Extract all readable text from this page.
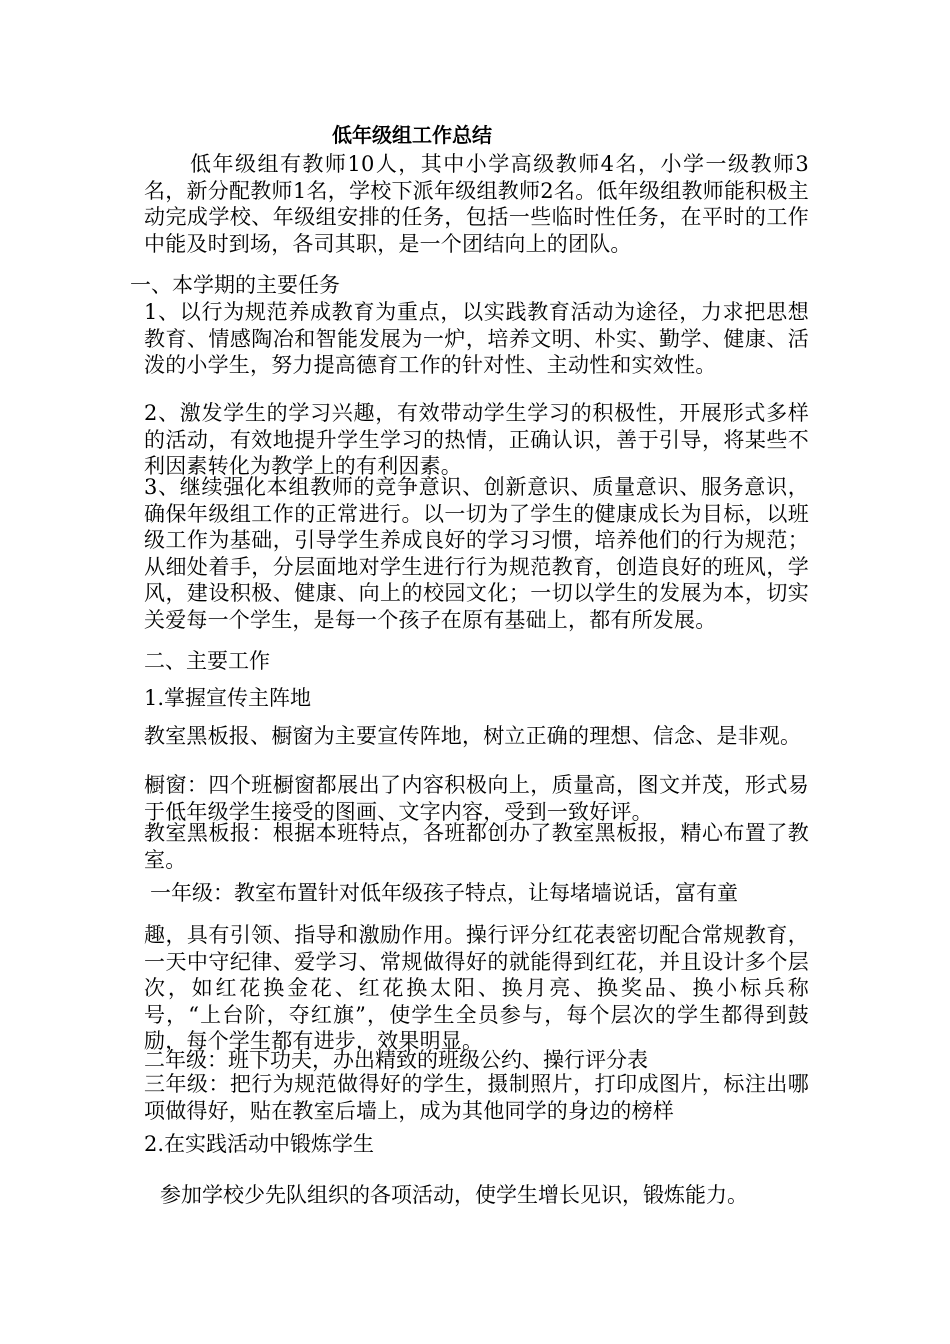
低年级组工作总结
低年级组有教师10人，其中小学高级教师4名，小学一级教师3名，新分配教师1名，学校下派年级组教师2名。低年级组教师能积极主动完成学校、年级组安排的任务，包括一些临时性任务，在平时的工作中能及时到场，各司其职，是一个团结向上的团队。
一、本学期的主要任务
1、以行为规范养成教育为重点，以实践教育活动为途径，力求把思想教育、情感陶冶和智能发展为一炉，培养文明、朴实、勤学、健康、活泼的小学生，努力提高德育工作的针对性、主动性和实效性。
2、激发学生的学习兴趣，有效带动学生学习的积极性，开展形式多样的活动，有效地提升学生学习的热情，正确认识，善于引导，将某些不利因素转化为教学上的有利因素。
3、继续强化本组教师的竞争意识、创新意识、质量意识、服务意识，确保年级组工作的正常进行。以一切为了学生的健康成长为目标，以班级工作为基础，引导学生养成良好的学习习惯，培养他们的行为规范；从细处着手，分层面地对学生进行行为规范教育，创造良好的班风，学风，建设积极、健康、向上的校园文化；一切以学生的发展为本，切实关爱每一个学生，是每一个孩子在原有基础上，都有所发展。
二、主要工作
1.掌握宣传主阵地
教室黑板报、橱窗为主要宣传阵地，树立正确的理想、信念、是非观。
橱窗：四个班橱窗都展出了内容积极向上，质量高，图文并茂，形式易于低年级学生接受的图画、文字内容，受到一致好评。
教室黑板报：根据本班特点，各班都创办了教室黑板报，精心布置了教室。
一年级：教室布置针对低年级孩子特点，让每堵墙说话，富有童
趣，具有引领、指导和激励作用。操行评分红花表密切配合常规教育，一天中守纪律、爱学习、常规做得好的就能得到红花，并且设计多个层次，如红花换金花、红花换太阳、换月亮、换奖品、换小标兵称号，“上台阶，夺红旗”，使学生全员参与，每个层次的学生都得到鼓励，每个学生都有进步，效果明显。
二年级：班下功夫，办出精致的班级公约、操行评分表
三年级：把行为规范做得好的学生，摄制照片，打印成图片，标注出哪项做得好，贴在教室后墙上，成为其他同学的身边的榜样
2.在实践活动中锻炼学生
参加学校少先队组织的各项活动，使学生增长见识，锻炼能力。
